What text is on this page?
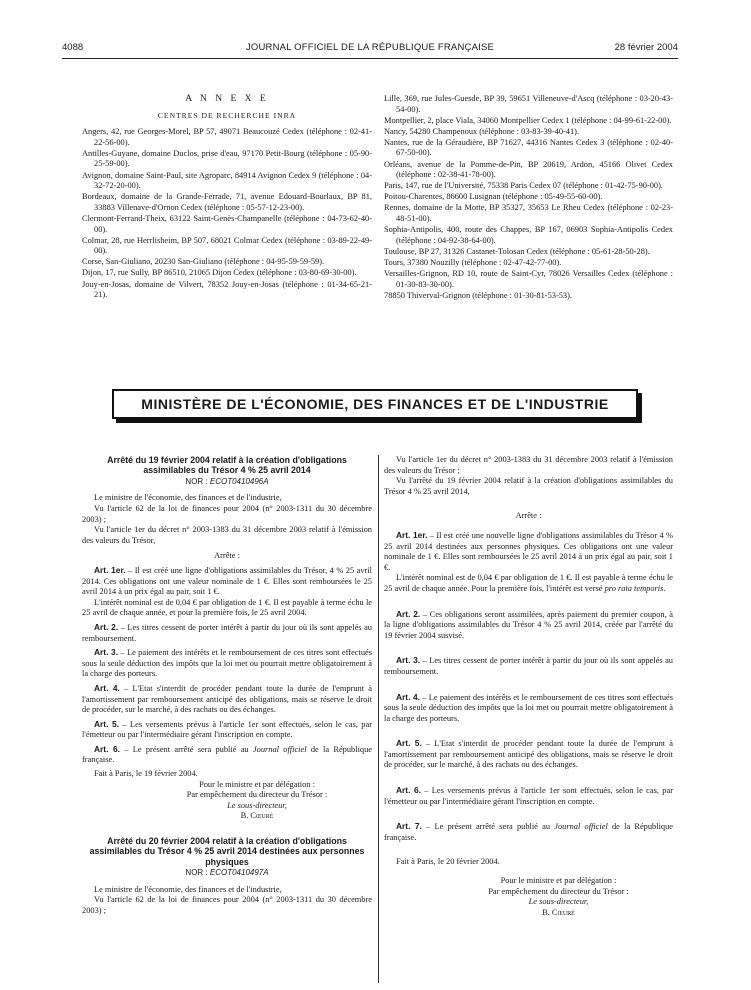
4088	JOURNAL OFFICIEL DE LA RÉPUBLIQUE FRANÇAISE	28 février 2004

A N N E X E

CENTRES DE RECHERCHE INRA

Angers, 42, rue Georges-Morel, BP 57, 49071 Beaucouzé Cedex (téléphone : 02-41-22-56-00).

Antilles-Guyane, domaine Duclos, prise d'eau, 97170 Petit-Bourg (téléphone : 05-90-25-59-00).

Avignon, domaine Saint-Paul, site Agroparc, 84914 Avignon Cedex 9 (téléphone : 04-32-72-20-00).

Bordeaux, domaine de la Grande-Ferrade, 71, avenue Edouard-Bourlaux, BP 81, 33883 Villenave-d'Ornon Cedex (téléphone : 05-57-12-23-00).

Clermont-Ferrand-Theix, 63122 Saint-Genès-Champanelle (téléphone : 04-73-62-40-00).

Colmar, 28, rue Herrlisheim, BP 507, 68021 Colmar Cedex (téléphone : 03-89-22-49-00).

Corse, San-Giuliano, 20230 San-Giuliano (téléphone : 04-95-59-59-59).

Dijon, 17, rue Sully, BP 86510, 21065 Dijon Cedex (téléphone : 03-80-69-30-00).

Jouy-en-Josas, domaine de Vilvert, 78352 Jouy-en-Josas (téléphone : 01-34-65-21-21).

Lille, 369, rue Jules-Guesde, BP 39, 59651 Villeneuve-d'Ascq (téléphone : 03-20-43-54-00).

Montpellier, 2, place Viala, 34060 Montpellier Cedex 1 (téléphone : 04-99-61-22-00).

Nancy, 54280 Champenoux (téléphone : 03-83-39-40-41).

Nantes, rue de la Géraudière, BP 71627, 44316 Nantes Cedex 3 (téléphone : 02-40-67-50-00).

Orléans, avenue de la Pomme-de-Pin, BP 20619, Ardon, 45166 Olivet Cedex (téléphone : 02-38-41-78-00).

Paris, 147, rue de l'Université, 75338 Paris Cedex 07 (téléphone : 01-42-75-90-00).

Poitou-Charentes, 86600 Lusignan (téléphone : 05-49-55-60-00).

Rennes, domaine de la Motte, BP 35327, 35653 Le Rheu Cedex (téléphone : 02-23-48-51-00).

Sophia-Antipolis, 400, route des Chappes, BP 167, 06903 Sophia-Antipolis Cedex (téléphone : 04-92-38-64-00).

Toulouse, BP 27, 31326 Castanet-Tolosan Cedex (téléphone : 05-61-28-50-28).

Tours, 37380 Nouzilly (téléphone : 02-47-42-77-00).

Versailles-Grignon, RD 10, route de Saint-Cyr, 78026 Versailles Cedex (téléphone : 01-30-83-30-00).

78850 Thiverval-Grignon (téléphone : 01-30-81-53-53).

MINISTÈRE DE L'ÉCONOMIE, DES FINANCES ET DE L'INDUSTRIE

Arrêté du 19 février 2004 relatif à la création d'obligations assimilables du Trésor 4 % 25 avril 2014

NOR : ECOT0410496A

Le ministre de l'économie, des finances et de l'industrie,

Vu l'article 62 de la loi de finances pour 2004 (n° 2003-1311 du 30 décembre 2003) ;

Vu l'article 1er du décret n° 2003-1383 du 31 décembre 2003 relatif à l'émission des valeurs du Trésor,

Arrête :

Art. 1er. – Il est créé une ligne d'obligations assimilables du Trésor, 4 % 25 avril 2014. Ces obligations ont une valeur nominale de 1 €. Elles sont remboursées le 25 avril 2014 à un prix égal au pair, soit 1 €.

L'intérêt nominal est de 0,04 € par obligation de 1 €. Il est payable à terme échu le 25 avril de chaque année, et pour la première fois, le 25 avril 2004.

Art. 2. – Les titres cessent de porter intérêt à partir du jour où ils sont appelés au remboursement.

Art. 3. – Le paiement des intérêts et le remboursement de ces titres sont effectués sous la seule déduction des impôts que la loi met ou pourrait mettre obligatoirement à la charge des porteurs.

Art. 4. – L'Etat s'interdit de procéder pendant toute la durée de l'emprunt à l'amortissement par remboursement anticipé des obligations, mais se réserve le droit de procéder, sur le marché, à des rachats ou des échanges.

Art. 5. – Les versements prévus à l'article 1er sont effectués, selon le cas, par l'émetteur ou par l'intermédiaire gérant l'inscription en compte.

Art. 6. – Le présent arrêté sera publié au Journal officiel de la République française.

Fait à Paris, le 19 février 2004.

Pour le ministre et par délégation :

Par empêchement du directeur du Trésor :

Le sous-directeur,

B. Cœuré

Arrêté du 20 février 2004 relatif à la création d'obligations assimilables du Trésor 4 % 25 avril 2014 destinées aux personnes physiques

NOR : ECOT0410497A

Le ministre de l'économie, des finances et de l'industrie,

Vu l'article 62 de la loi de finances pour 2004 (n° 2003-1311 du 30 décembre 2003) ;

Vu l'article 1er du décret n° 2003-1383 du 31 décembre 2003 relatif à l'émission des valeurs du Trésor ;

Vu l'arrêté du 19 février 2004 relatif à la création d'obligations assimilables du Trésor 4 % 25 avril 2014,

Arrête :

Art. 1er. – Il est créé une nouvelle ligne d'obligations assimilables du Trésor 4 % 25 avril 2014 destinées aux personnes physiques. Ces obligations ont une valeur nominale de 1 €. Elles sont remboursées le 25 avril 2014 à un prix égal au pair, soit 1 €.

L'intérêt nominal est de 0,04 € par obligation de 1 €. Il est payable à terme échu le 25 avril de chaque année. Pour la première fois, l'intérêt est versé pro rata temporis.

Art. 2. – Ces obligations seront assimilées, après paiement du premier coupon, à la ligne d'obligations assimilables du Trésor 4 % 25 avril 2014, créée par l'arrêté du 19 février 2004 susvisé.

Art. 3. – Les titres cessent de porter intérêt à partir du jour où ils sont appelés au remboursement.

Art. 4. – Le paiement des intérêts et le remboursement de ces titres sont effectués sous la seule déduction des impôts que la loi met ou pourrait mettre obligatoirement à la charge des porteurs.

Art. 5. – L'Etat s'interdit de procéder pendant toute la durée de l'emprunt à l'amortissement par remboursement anticipé des obligations, mais se réserve le droit de procéder, sur le marché, à des rachats ou des échanges.

Art. 6. – Les versements prévus à l'article 1er sont effectués, selon le cas, par l'émetteur ou par l'intermédiaire gérant l'inscription en compte.

Art. 7. – Le présent arrêté sera publié au Journal officiel de la République française.

Fait à Paris, le 20 février 2004.

Pour le ministre et par délégation :

Par empêchement du directeur du Trésor :

Le sous-directeur,

B. Cœuré
